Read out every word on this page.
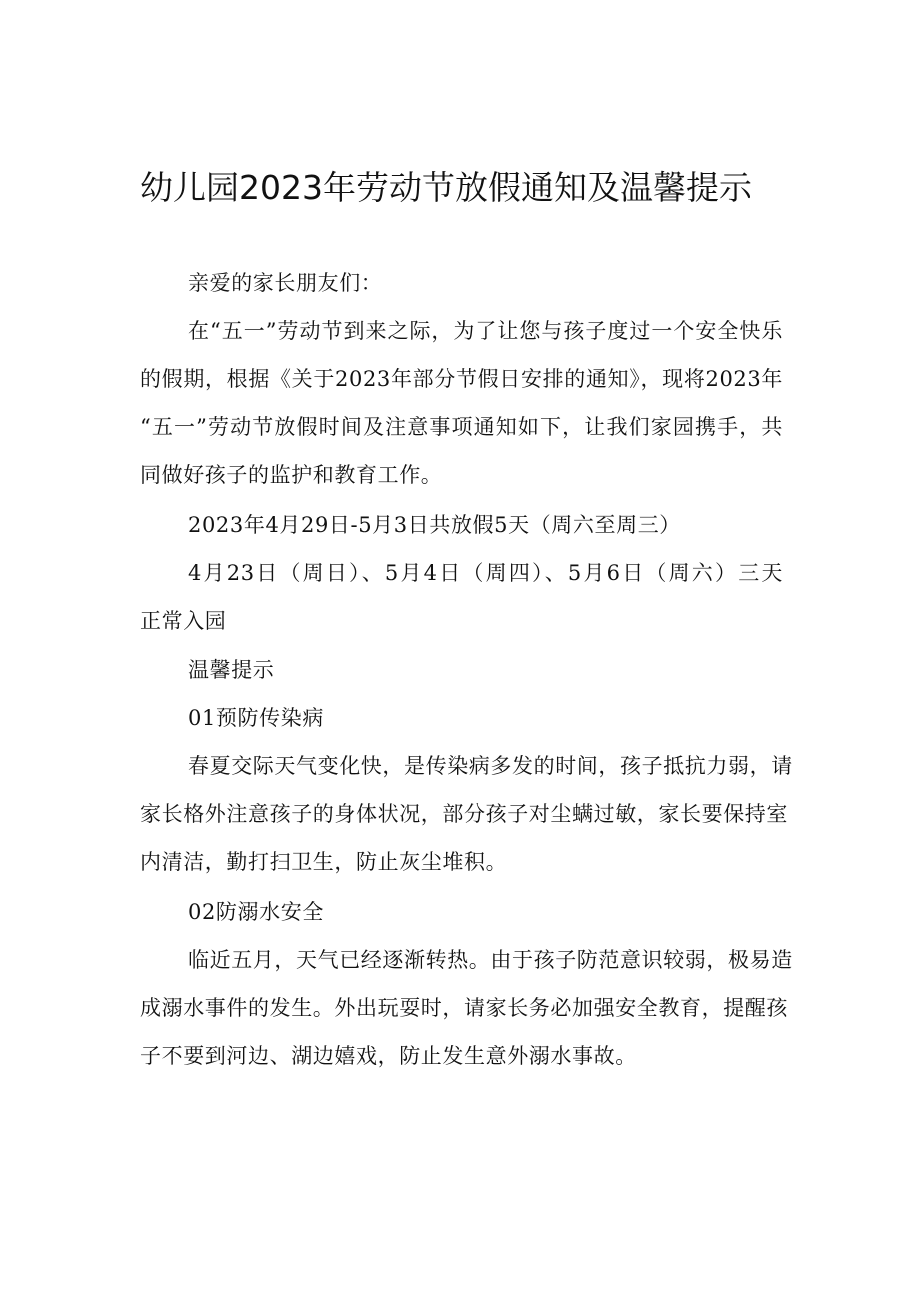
幼儿园2023年劳动节放假通知及温馨提示

亲爱的家长朋友们：

在“五一”劳动节到来之际，为了让您与孩子度过一个安全快乐

的假期，根据《关于2023年部分节假日安排的通知》，现将2023年

“五一”劳动节放假时间及注意事项通知如下，让我们家园携手，共

同做好孩子的监护和教育工作。

2023年4月29日-5月3日共放假5天（周六至周三）

4月23日（周日）、5月4日（周四）、5月6日（周六）三天

正常入园

温馨提示

01预防传染病

春夏交际天气变化快，是传染病多发的时间，孩子抵抗力弱，请

家长格外注意孩子的身体状况，部分孩子对尘螨过敏，家长要保持室

内清洁，勤打扫卫生，防止灰尘堆积。

02防溺水安全

临近五月，天气已经逐渐转热。由于孩子防范意识较弱，极易造

成溺水事件的发生。外出玩耍时，请家长务必加强安全教育，提醒孩

子不要到河边、湖边嬉戏，防止发生意外溺水事故。
